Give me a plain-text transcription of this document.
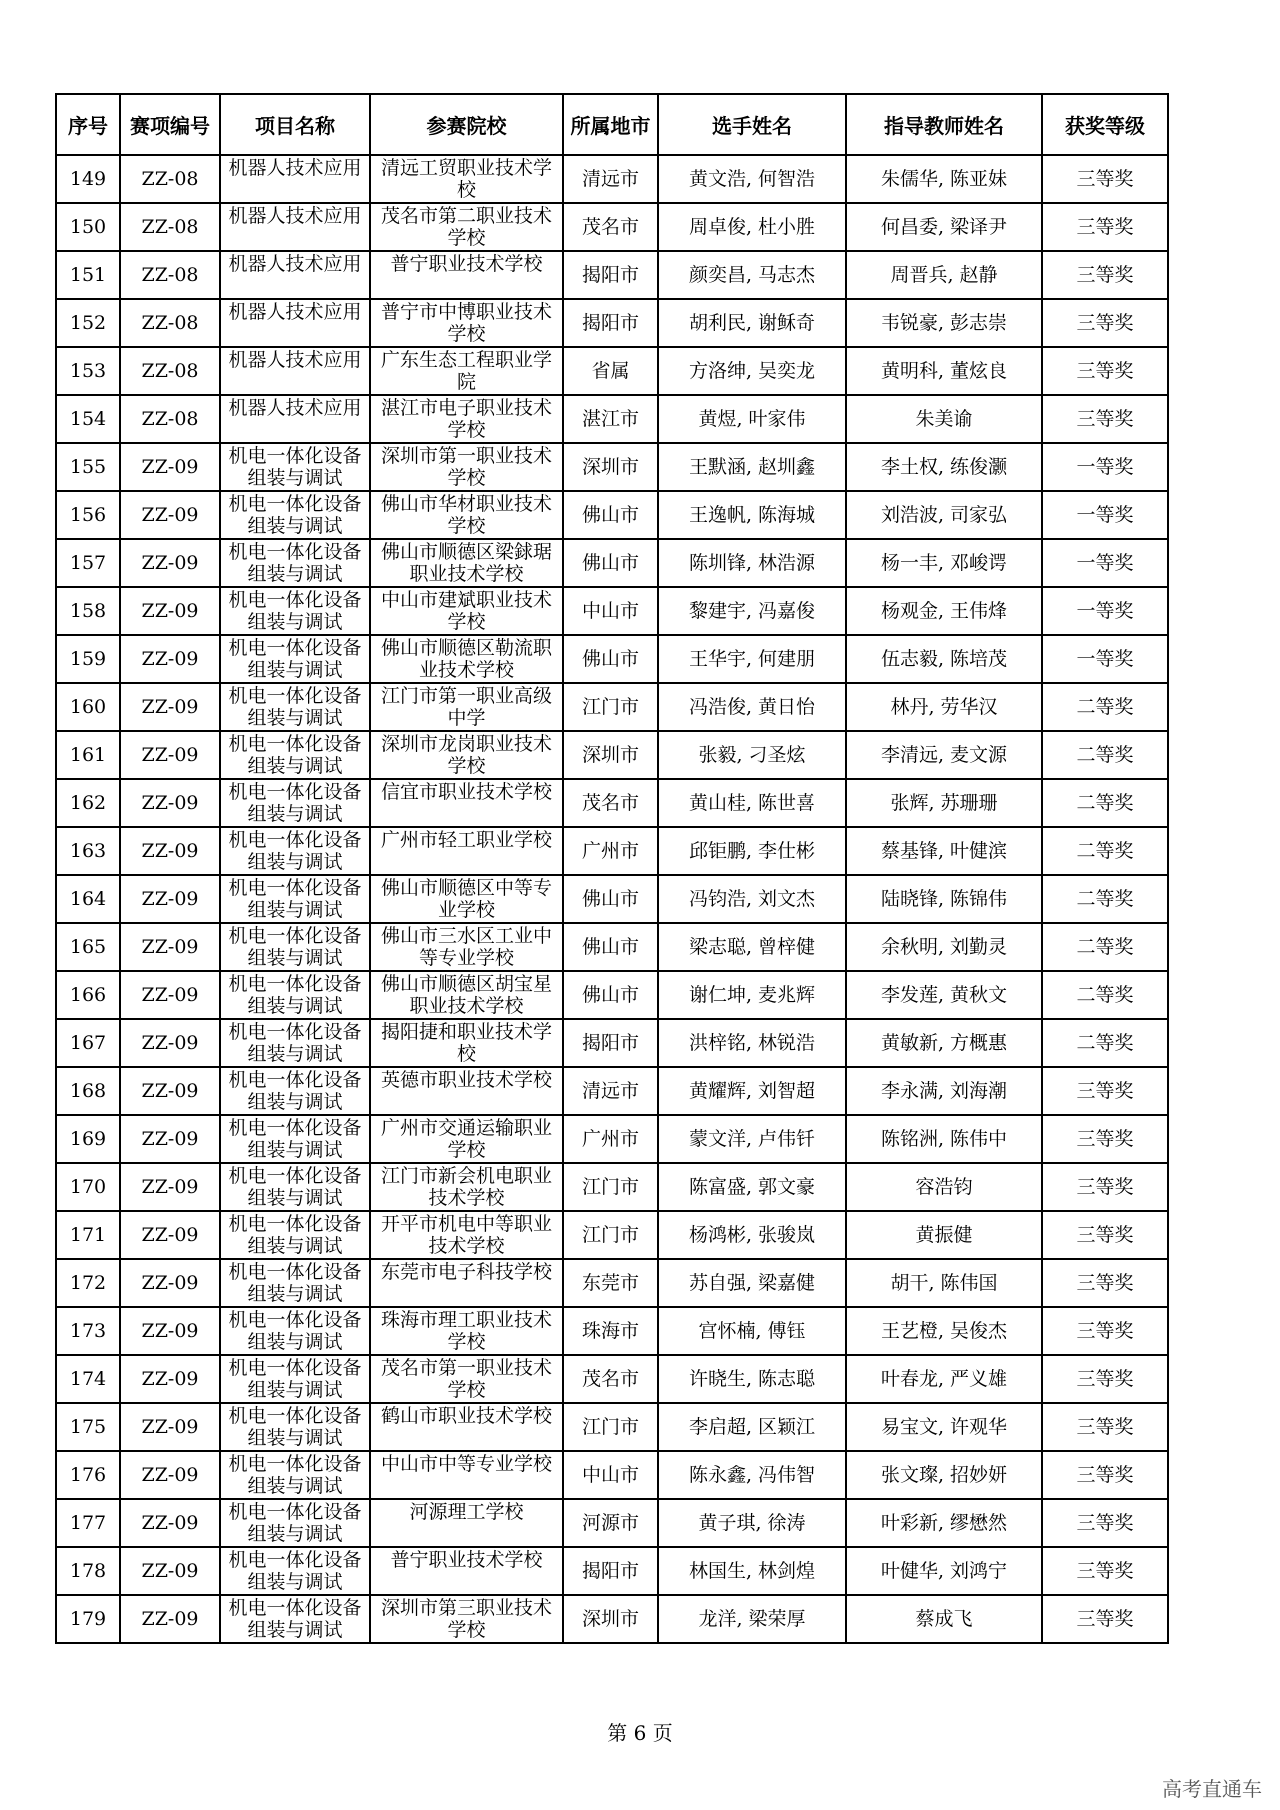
序号	赛项编号	项目名称	参赛院校	所属地市	选手姓名	指导教师姓名	获奖等级

149	ZZ-08	机器人技术应用	清远工贸职业技术学校	清远市	黄文浩, 何智浩	朱儒华, 陈亚妹	三等奖

150	ZZ-08	机器人技术应用	茂名市第二职业技术学校	茂名市	周卓俊, 杜小胜	何昌委, 梁译尹	三等奖

151	ZZ-08	机器人技术应用	普宁职业技术学校	揭阳市	颜奕昌, 马志杰	周晋兵, 赵静	三等奖

152	ZZ-08	机器人技术应用	普宁市中博职业技术学校	揭阳市	胡利民, 谢稣奇	韦锐豪, 彭志崇	三等奖

153	ZZ-08	机器人技术应用	广东生态工程职业学院	省属	方洛绅, 吴奕龙	黄明科, 董炫良	三等奖

154	ZZ-08	机器人技术应用	湛江市电子职业技术学校	湛江市	黄煜, 叶家伟	朱美谕	三等奖

155	ZZ-09	机电一体化设备组装与调试	深圳市第一职业技术学校	深圳市	王默涵, 赵圳鑫	李土权, 练俊灏	一等奖

156	ZZ-09	机电一体化设备组装与调试	佛山市华材职业技术学校	佛山市	王逸帆, 陈海城	刘浩波, 司家弘	一等奖

157	ZZ-09	机电一体化设备组装与调试	佛山市顺德区梁銶琚职业技术学校	佛山市	陈圳锋, 林浩源	杨一丰, 邓峻谔	一等奖

158	ZZ-09	机电一体化设备组装与调试	中山市建斌职业技术学校	中山市	黎建宇, 冯嘉俊	杨观金, 王伟烽	一等奖

159	ZZ-09	机电一体化设备组装与调试	佛山市顺德区勒流职业技术学校	佛山市	王华宇, 何建朋	伍志毅, 陈培茂	一等奖

160	ZZ-09	机电一体化设备组装与调试	江门市第一职业高级中学	江门市	冯浩俊, 黄日怡	林丹, 劳华汉	二等奖

161	ZZ-09	机电一体化设备组装与调试	深圳市龙岗职业技术学校	深圳市	张毅, 刁圣炫	李清远, 麦文源	二等奖

162	ZZ-09	机电一体化设备组装与调试	信宜市职业技术学校	茂名市	黄山桂, 陈世喜	张辉, 苏珊珊	二等奖

163	ZZ-09	机电一体化设备组装与调试	广州市轻工职业学校	广州市	邱钜鹏, 李仕彬	蔡基锋, 叶健滨	二等奖

164	ZZ-09	机电一体化设备组装与调试	佛山市顺德区中等专业学校	佛山市	冯钧浩, 刘文杰	陆晓锋, 陈锦伟	二等奖

165	ZZ-09	机电一体化设备组装与调试	佛山市三水区工业中等专业学校	佛山市	梁志聪, 曾梓健	余秋明, 刘勤灵	二等奖

166	ZZ-09	机电一体化设备组装与调试	佛山市顺德区胡宝星职业技术学校	佛山市	谢仁坤, 麦兆辉	李发莲, 黄秋文	二等奖

167	ZZ-09	机电一体化设备组装与调试	揭阳捷和职业技术学校	揭阳市	洪梓铭, 林锐浩	黄敏新, 方概惠	二等奖

168	ZZ-09	机电一体化设备组装与调试	英德市职业技术学校	清远市	黄耀辉, 刘智超	李永满, 刘海潮	三等奖

169	ZZ-09	机电一体化设备组装与调试	广州市交通运输职业学校	广州市	蒙文洋, 卢伟钎	陈铭洲, 陈伟中	三等奖

170	ZZ-09	机电一体化设备组装与调试	江门市新会机电职业技术学校	江门市	陈富盛, 郭文豪	容浩钧	三等奖

171	ZZ-09	机电一体化设备组装与调试	开平市机电中等职业技术学校	江门市	杨鸿彬, 张骏岚	黄振健	三等奖

172	ZZ-09	机电一体化设备组装与调试	东莞市电子科技学校	东莞市	苏自强, 梁嘉健	胡干, 陈伟国	三等奖

173	ZZ-09	机电一体化设备组装与调试	珠海市理工职业技术学校	珠海市	宫怀楠, 傅钰	王艺橙, 吴俊杰	三等奖

174	ZZ-09	机电一体化设备组装与调试	茂名市第一职业技术学校	茂名市	许晓生, 陈志聪	叶春龙, 严义雄	三等奖

175	ZZ-09	机电一体化设备组装与调试	鹤山市职业技术学校	江门市	李启超, 区颖江	易宝文, 许观华	三等奖

176	ZZ-09	机电一体化设备组装与调试	中山市中等专业学校	中山市	陈永鑫, 冯伟智	张文璨, 招妙妍	三等奖

177	ZZ-09	机电一体化设备组装与调试	河源理工学校	河源市	黄子琪, 徐涛	叶彩新, 缪懋然	三等奖

178	ZZ-09	机电一体化设备组装与调试	普宁职业技术学校	揭阳市	林国生, 林剑煌	叶健华, 刘鸿宁	三等奖

179	ZZ-09	机电一体化设备组装与调试	深圳市第三职业技术学校	深圳市	龙洋, 梁荣厚	蔡成飞	三等奖
第 6 页
高考直通车
